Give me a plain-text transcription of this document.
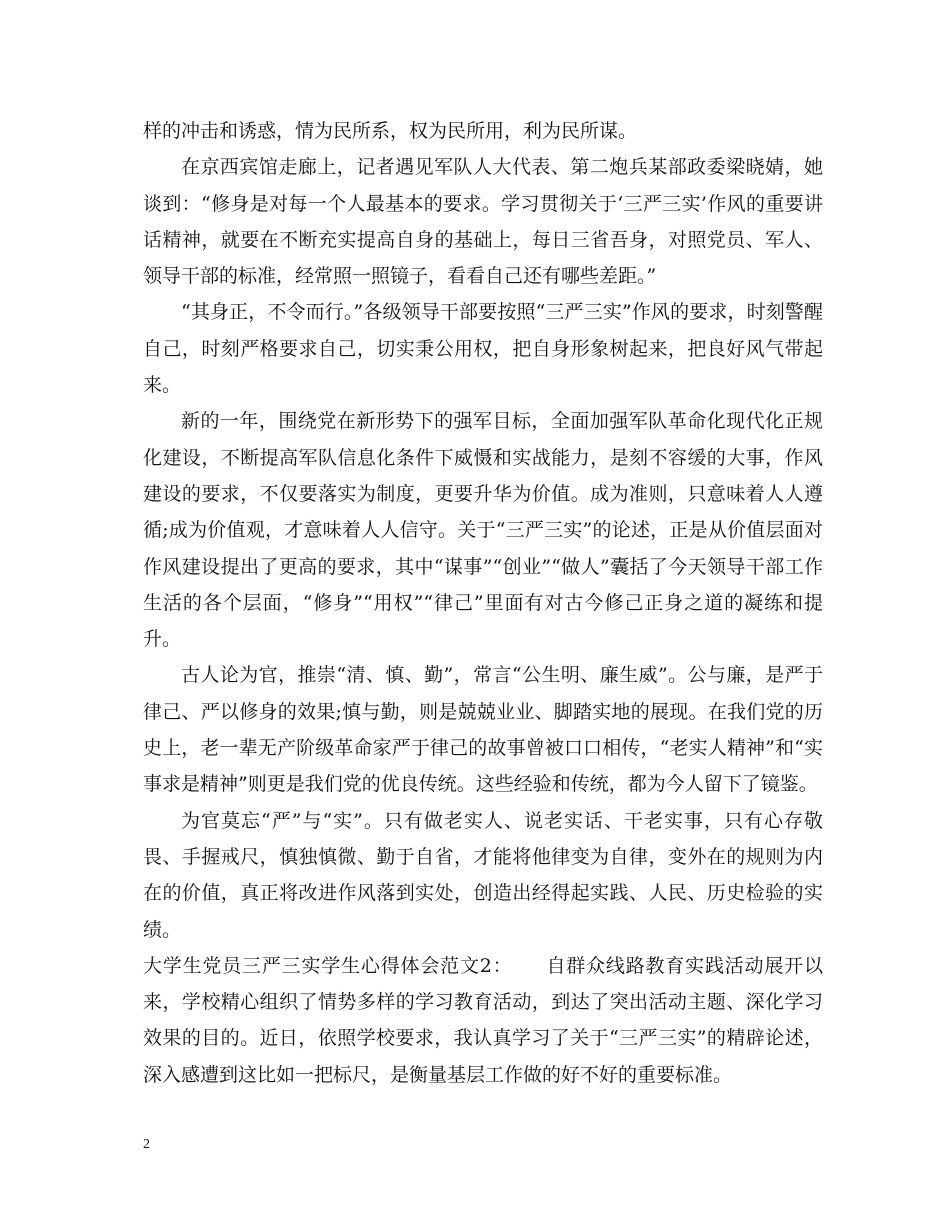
样的冲击和诱惑，情为民所系，权为民所用，利为民所谋。

在京西宾馆走廊上，记者遇见军队人大代表、第二炮兵某部政委梁晓婧，她谈到：“修身是对每一个人最基本的要求。学习贯彻关于‘三严三实’作风的重要讲话精神，就要在不断充实提高自身的基础上，每日三省吾身，对照党员、军人、领导干部的标准，经常照一照镜子，看看自己还有哪些差距。”

“其身正，不令而行。”各级领导干部要按照“三严三实”作风的要求，时刻警醒自己，时刻严格要求自己，切实秉公用权，把自身形象树起来，把良好风气带起来。

新的一年，围绕党在新形势下的强军目标，全面加强军队革命化现代化正规化建设，不断提高军队信息化条件下威慑和实战能力，是刻不容缓的大事，作风建设的要求，不仅要落实为制度，更要升华为价值。成为准则，只意味着人人遵循;成为价值观，才意味着人人信守。关于“三严三实”的论述，正是从价值层面对作风建设提出了更高的要求，其中“谋事”“创业”“做人”囊括了今天领导干部工作生活的各个层面，“修身”“用权”“律己”里面有对古今修己正身之道的凝练和提升。

古人论为官，推崇“清、慎、勤”，常言“公生明、廉生威”。公与廉，是严于律己、严以修身的效果;慎与勤，则是兢兢业业、脚踏实地的展现。在我们党的历史上，老一辈无产阶级革命家严于律己的故事曾被口口相传，“老实人精神”和“实事求是精神”则更是我们党的优良传统。这些经验和传统，都为今人留下了镜鉴。

为官莫忘“严”与“实”。只有做老实人、说老实话、干老实事，只有心存敬畏、手握戒尺，慎独慎微、勤于自省，才能将他律变为自律，变外在的规则为内在的价值，真正将改进作风落到实处，创造出经得起实践、人民、历史检验的实绩。

大学生党员三严三实学生心得体会范文2： 自群众线路教育实践活动展开以来，学校精心组织了情势多样的学习教育活动，到达了突出活动主题、深化学习效果的目的。近日，依照学校要求，我认真学习了关于“三严三实”的精辟论述，深入感遭到这比如一把标尺，是衡量基层工作做的好不好的重要标准。

2
